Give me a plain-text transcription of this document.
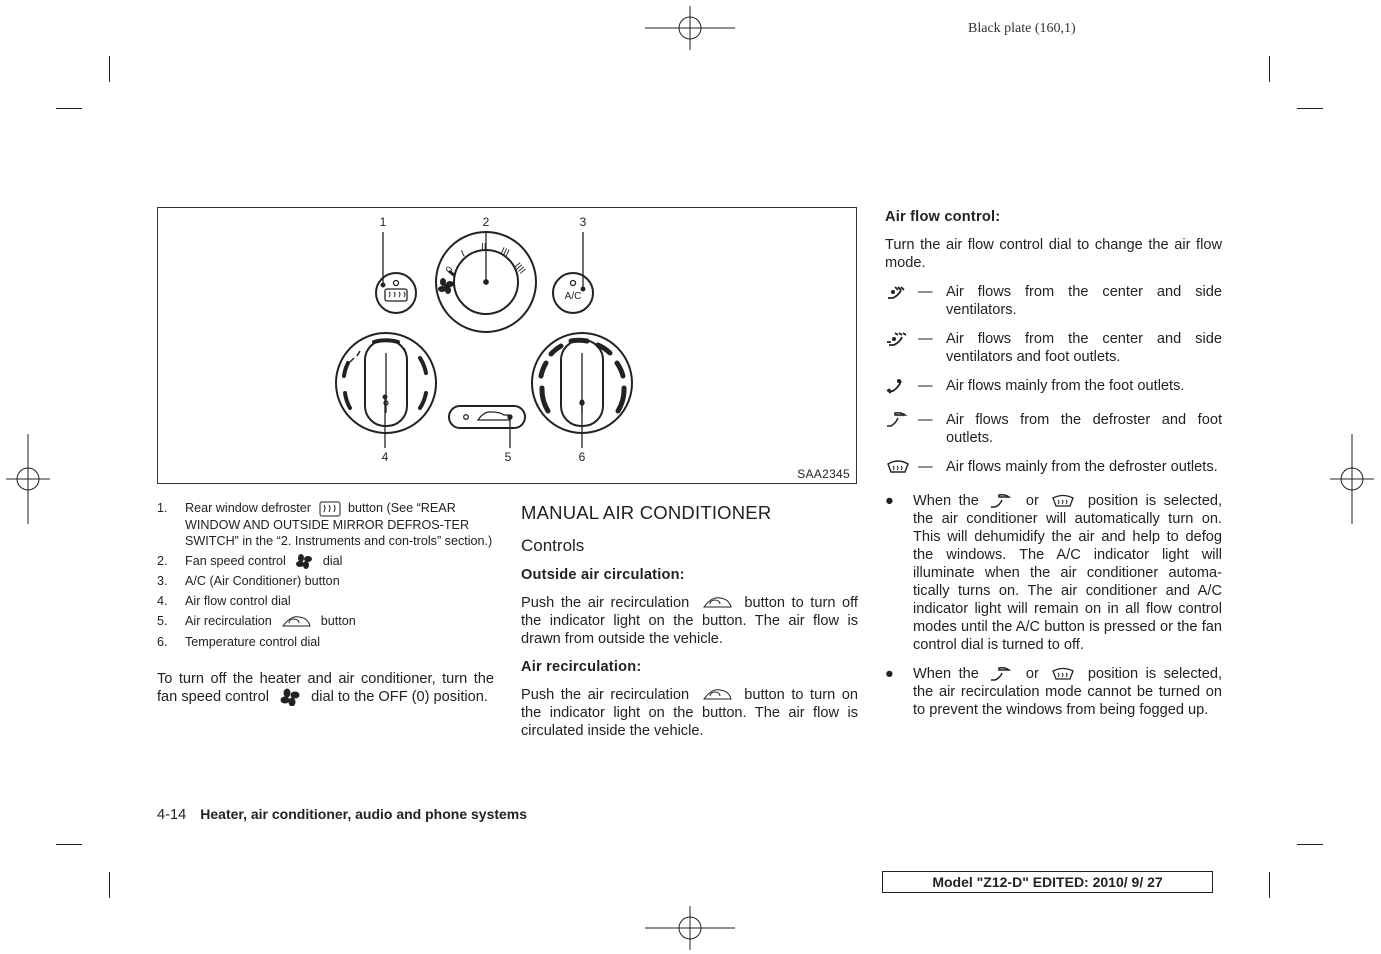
Black plate (160,1)
1	2	3
4	5	6
0
I
II III
IIII
A/C
SAA2345
1.	Rear window defroster	button (See “REAR WINDOW AND OUTSIDE MIRROR DEFROS-TER SWITCH” in the “2. Instruments and con-trols” section.)
2.	Fan speed control	dial
3.	A/C (Air Conditioner) button
4.	Air flow control dial
5.	Air recirculation	button
6.	Temperature control dial
To turn off the heater and air conditioner, turn the fan speed control	dial to the OFF (0) position.
MANUAL AIR CONDITIONER
Controls
Outside air circulation:
Push the air recirculation	button to turn off the indicator light on the button. The air flow is drawn from outside the vehicle.
Air recirculation:
Push the air recirculation	button to turn on the indicator light on the button. The air flow is circulated inside the vehicle.
Air flow control:
Turn the air flow control dial to change the air flow mode.
— Air flows from the center and side ventilators.
— Air flows from the center and side ventilators and foot outlets.
— Air flows mainly from the foot outlets.
— Air flows from the defroster and foot outlets.
— Air flows mainly from the defroster outlets.
●	When the	or	position is selected, the air conditioner will automatically turn on. This will dehumidify the air and help to defog the windows. The A/C indicator light will illuminate when the air conditioner automa-tically turns on. The air conditioner and A/C indicator light will remain on in all flow control modes until the A/C button is pressed or the fan control dial is turned to off.
●	When the	or	position is selected, the air recirculation mode cannot be turned on to prevent the windows from being fogged up.
4-14 Heater, air conditioner, audio and phone systems
Model "Z12-D" EDITED: 2010/ 9/ 27
